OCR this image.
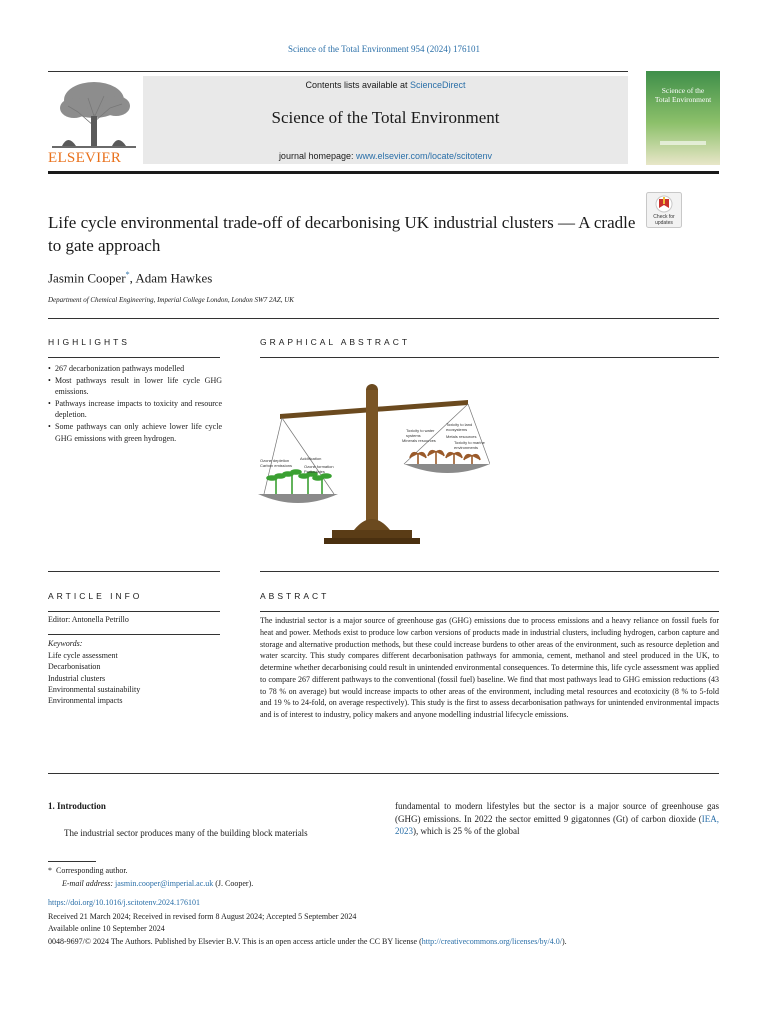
Science of the Total Environment 954 (2024) 176101
ELSEVIER
Contents lists available at ScienceDirect
Science of the Total Environment
journal homepage: www.elsevier.com/locate/scitotenv
Science of the
Total Environment
Life cycle environmental trade-off of decarbonising UK industrial clusters — A cradle to gate approach
Check for
updates
Jasmin Cooper*, Adam Hawkes
Department of Chemical Engineering, Imperial College London, London SW7 2AZ, UK
HIGHLIGHTS
• 267 decarbonization pathways modelled
• Most pathways result in lower life cycle GHG emissions.
• Pathways increase impacts to toxicity and resource depletion.
• Some pathways can only achieve lower life cycle GHG emissions with green hydrogen.
GRAPHICAL ABSTRACT
Ozone depletion
Carbon emissions
Acidification
Ozone formation
Particulates
Toxicity to land
ecosystems
Toxicity to water
systems
Minerals resources
Metals resources
Toxicity to marine
environments
ARTICLE INFO
Editor: Antonella Petrillo
Keywords:
Life cycle assessment
Decarbonisation
Industrial clusters
Environmental sustainability
Environmental impacts
ABSTRACT
The industrial sector is a major source of greenhouse gas (GHG) emissions due to process emissions and a heavy reliance on fossil fuels for heat and power. Methods exist to produce low carbon versions of products made in industrial clusters, including hydrogen, carbon capture and storage and alternative production methods, but these could increase burdens to other areas of the environment, such as resource depletion and water scarcity. This study compares different decarbonisation pathways for ammonia, cement, methanol and steel produced in the UK, to determine whether decarbonising could result in unintended environmental consequences. To determine this, life cycle assessment was applied to compare 267 different pathways to the conventional (fossil fuel) baseline. We find that most pathways lead to GHG emission reductions (43 to 78 % on average) but would increase impacts to other areas of the environment, including metal resources and ecotoxicity (8 % to 5-fold and 19 % to 24-fold, on average respectively). This study is the first to assess decarbonisation pathways for unintended environmental impacts and is of interest to industry, policy makers and anyone modelling industrial lifecycle emissions.
1. Introduction
The industrial sector produces many of the building block materials
fundamental to modern lifestyles but the sector is a major source of greenhouse gas (GHG) emissions. In 2022 the sector emitted 9 gigatonnes (Gt) of carbon dioxide (IEA, 2023), which is 25 % of the global
* Corresponding author.
E-mail address: jasmin.cooper@imperial.ac.uk (J. Cooper).
https://doi.org/10.1016/j.scitotenv.2024.176101
Received 21 March 2024; Received in revised form 8 August 2024; Accepted 5 September 2024
Available online 10 September 2024
0048-9697/© 2024 The Authors. Published by Elsevier B.V. This is an open access article under the CC BY license (http://creativecommons.org/licenses/by/4.0/).
